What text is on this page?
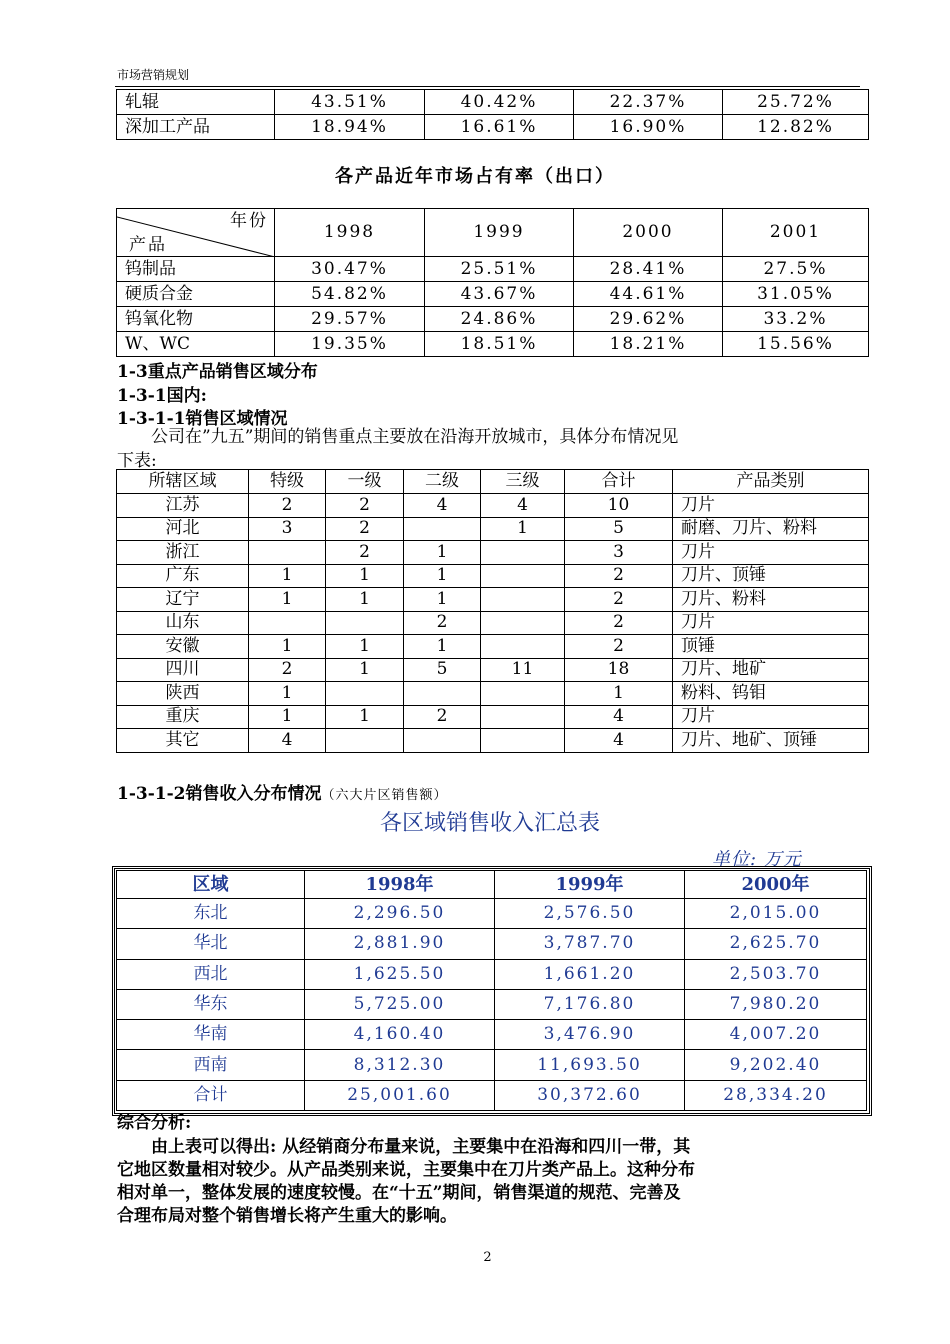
市场营销规划
轧辊	43.51%	40.42%	22.37%	25.72%
深加工产品	18.94%	16.61%	16.90%	12.82%
各产品近年市场占有率（出口）
年份
产品	1998	1999	2000	2001
钨制品	30.47%	25.51%	28.41%	27.5%
硬质合金	54.82%	43.67%	44.61%	31.05%
钨氧化物	29.57%	24.86%	29.62%	33.2%
W、WC	19.35%	18.51%	18.21%	15.56%
1-3重点产品销售区域分布
1-3-1国内:
1-3-1-1销售区域情况
公司在”九五”期间的销售重点主要放在沿海开放城市，具体分布情况见
下表:
所辖区域	特级	一级	二级	三级	合计	产品类别
江苏	2	2	4	4	10	刀片
河北	3	2		1	5	耐磨、刀片、粉料
浙江		2	1		3	刀片
广东	1	1	1		2	刀片、顶锤
辽宁	1	1	1		2	刀片、粉料
山东			2		2	刀片
安徽	1	1	1		2	顶锤
四川	2	1	5	11	18	刀片、地矿
陕西	1				1	粉料、钨钼
重庆	1	1	2		4	刀片
其它	4				4	刀片、地矿、顶锤
1-3-1-2销售收入分布情况（六大片区销售额）
各区域销售收入汇总表
单位: 万元
区域	1998年	1999年	2000年
东北	2,296.50	2,576.50	2,015.00
华北	2,881.90	3,787.70	2,625.70
西北	1,625.50	1,661.20	2,503.70
华东	5,725.00	7,176.80	7,980.20
华南	4,160.40	3,476.90	4,007.20
西南	8,312.30	11,693.50	9,202.40
合计	25,001.60	30,372.60	28,334.20
综合分析:
由上表可以得出: 从经销商分布量来说，主要集中在沿海和四川一带，其
它地区数量相对较少。从产品类别来说，主要集中在刀片类产品上。这种分布
相对单一，整体发展的速度较慢。在“十五”期间，销售渠道的规范、完善及
合理布局对整个销售增长将产生重大的影响。
2
